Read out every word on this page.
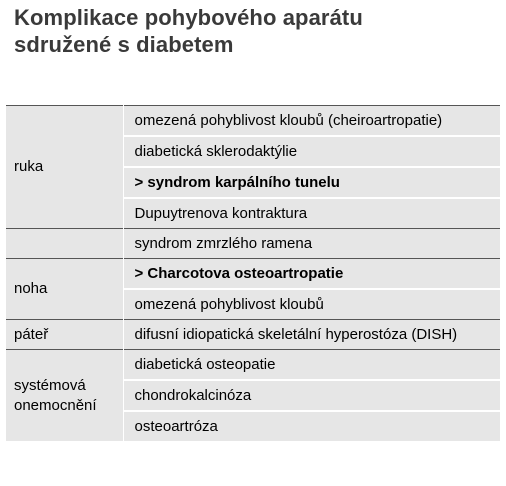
Komplikace pohybového aparátu
sdružené s diabetem
ruka	omezená pohyblivost kloubů (cheiroartropatie)
	diabetická sklerodaktýlie
	> syndrom karpálního tunelu
	Dupuytrenova kontraktura
	syndrom zmrzlého ramena
noha	> Charcotova osteoartropatie
	omezená pohyblivost kloubů
páteř	difusní idiopatická skeletální hyperostóza (DISH)
systémová onemocnění	diabetická osteopatie
	chondrokalcinóza
	osteoartróza
